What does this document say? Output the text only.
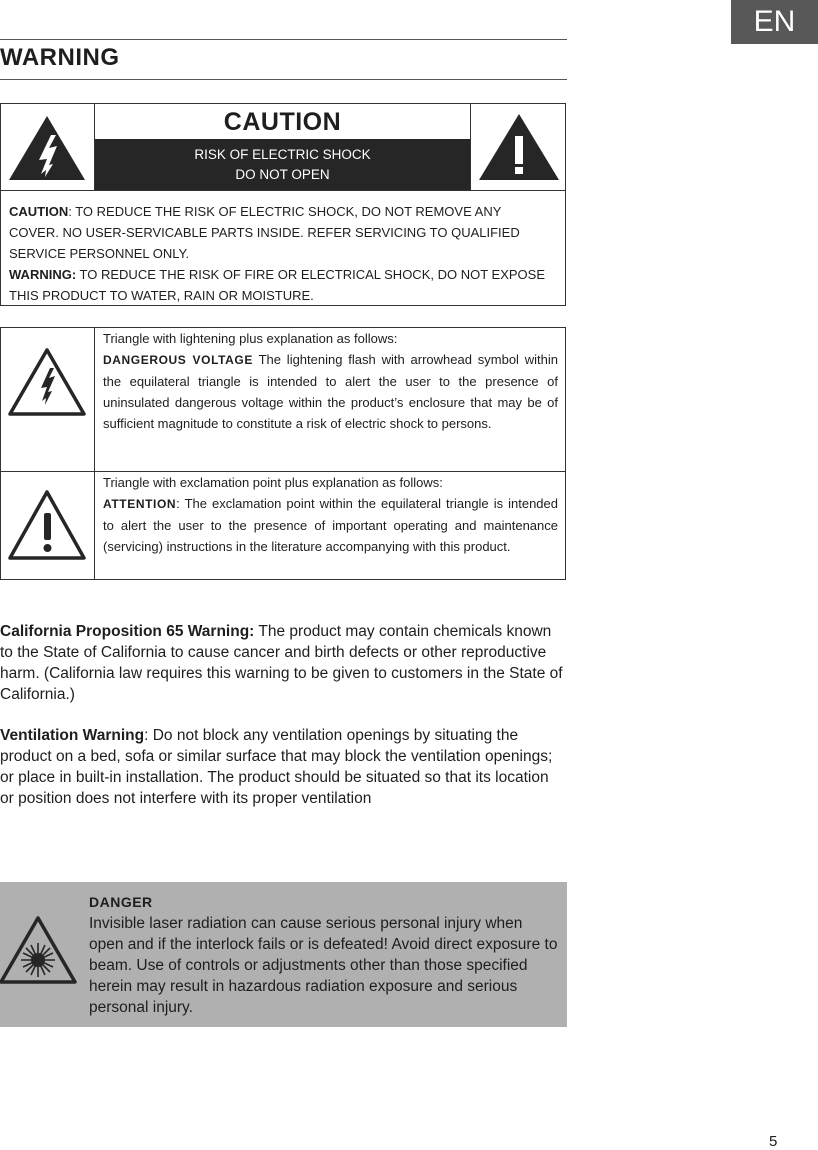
EN
WARNING
CAUTION
RISK OF ELECTRIC SHOCK
DO NOT OPEN
CAUTION: TO REDUCE THE RISK OF ELECTRIC SHOCK, DO NOT REMOVE ANY COVER. NO USER-SERVICABLE PARTS INSIDE. REFER SERVICING TO QUALIFIED SERVICE PERSONNEL ONLY.
WARNING: TO REDUCE THE RISK OF FIRE OR ELECTRICAL SHOCK, DO NOT EXPOSE THIS PRODUCT TO WATER, RAIN OR MOISTURE.
Triangle with lightening plus explanation as follows:
DANGEROUS VOLTAGE The lightening flash with arrowhead symbol within the equilateral triangle is intended to alert the user to the presence of uninsulated dangerous voltage within the product’s enclosure that may be of sufficient magnitude to constitute a risk of electric shock to persons.
Triangle with exclamation point plus explanation as follows:
ATTENTION: The exclamation point within the equilateral triangle is intended to alert the user to the presence of important operating and maintenance (servicing) instructions in the literature accompanying with this product.
California Proposition 65 Warning: The product may contain chemicals known to the State of California to cause cancer and birth defects or other reproductive harm. (California law requires this warning to be given to customers in the State of California.)
Ventilation Warning: Do not block any ventilation openings by situating the product on a bed, sofa or similar surface that may block the ventilation openings; or place in built-in installation. The product should be situated so that its location or position does not interfere with its proper ventilation
DANGER
Invisible laser radiation can cause serious personal injury when open and if the interlock fails or is defeated! Avoid direct exposure to beam. Use of controls or adjustments other than those specified herein may result in hazardous radiation exposure and serious personal injury.
5
